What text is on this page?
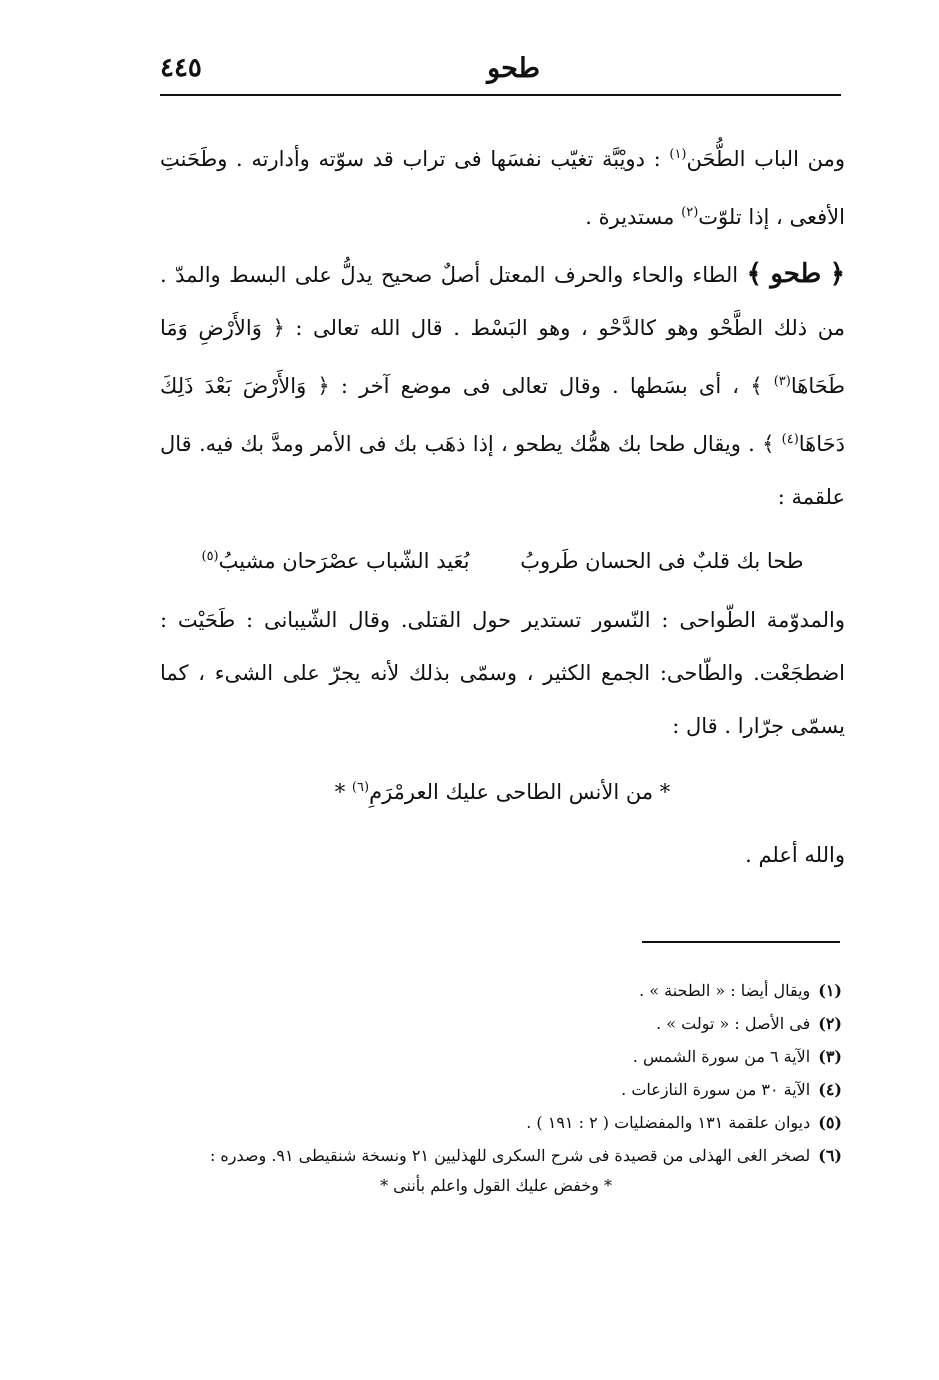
طحو
٤٤٥

ومن الباب الطُّحَن$^{(١)}$ : دويْبَّة تغيّب نفسَها فى تراب قد سوّته وأدارته . وطَحَنتِ الأفعى ، إذا تلوّت$^{(٢)}$ مستديرة .

﴿ طحو ﴾ الطاء والحاء والحرف المعتل أصلٌ صحيح يدلُّ على البسط والمدّ . من ذلك الطَّحْو وهو كالدَّحْو ، وهو البَسْط . قال الله تعالى : ﴿ وَالأَرْضِ وَمَا طَحَاهَا$^{(٣)}$ ﴾ ، أى بسَطها . وقال تعالى فى موضع آخر : ﴿ وَالأَرْضَ بَعْدَ ذَلِكَ دَحَاهَا$^{(٤)}$ ﴾ . ويقال طحا بك همُّك يطحو ، إذا ذهَب بك فى الأمر ومدَّ بك فيه. قال علقمة :

طحا بك قلبٌ فى الحسان طَروبُ بُعَيد الشّباب عصْرَحان مشيبُ$^{(٥)}$

والمدوّمة الطّواحى : النّسور تستدير حول القتلى. وقال الشّيبانى : طَحَيْت : اضطجَعْت. والطّاحى: الجمع الكثير ، وسمّى بذلك لأنه يجرّ على الشىء ، كما يسمّى جرّارا . قال :

* من الأنس الطاحى عليك العرمْرَمِ$^{(٦)}$ *

والله أعلم .

(١)ويقال أيضا : « الطحنة » .
(٢)فى الأصل : « تولت » .
(٣)الآية ٦ من سورة الشمس .
(٤)الآية ٣٠ من سورة النازعات .
(٥)ديوان علقمة ١٣١ والمفضليات ( ٢ : ١٩١ ) .
(٦)لصخر الغى الهذلى من قصيدة فى شرح السكرى للهذليين ٢١ ونسخة شنقيطى ٩١. وصدره :
* وخفض عليك القول واعلم بأننى *
